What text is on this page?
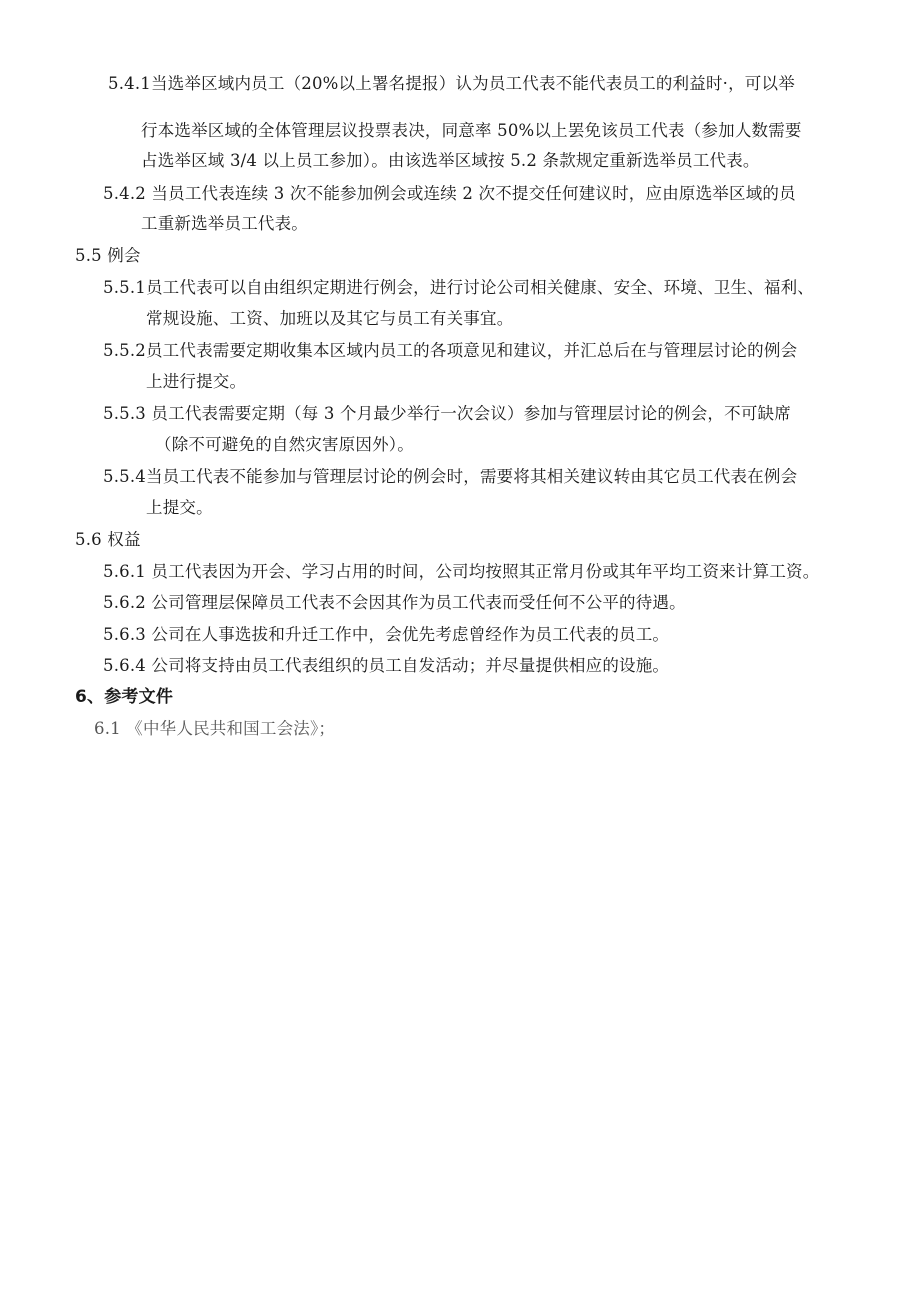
5.4.1当选举区域内员工（20%以上署名提报）认为员工代表不能代表员工的利益时·，可以举
行本选举区域的全体管理层议投票表决，同意率 50%以上罢免该员工代表（参加人数需要
占选举区域 3/4 以上员工参加）。由该选举区域按 5.2 条款规定重新选举员工代表。
5.4.2 当员工代表连续 3 次不能参加例会或连续 2 次不提交任何建议时，应由原选举区域的员
工重新选举员工代表。
5.5 例会
5.5.1员工代表可以自由组织定期进行例会，进行讨论公司相关健康、安全、环境、卫生、福利、
常规设施、工资、加班以及其它与员工有关事宜。
5.5.2员工代表需要定期收集本区域内员工的各项意见和建议，并汇总后在与管理层讨论的例会
上进行提交。
5.5.3 员工代表需要定期（每 3 个月最少举行一次会议）参加与管理层讨论的例会，不可缺席
（除不可避免的自然灾害原因外）。
5.5.4当员工代表不能参加与管理层讨论的例会时，需要将其相关建议转由其它员工代表在例会
上提交。
5.6 权益
5.6.1 员工代表因为开会、学习占用的时间，公司均按照其正常月份或其年平均工资来计算工资。
5.6.2 公司管理层保障员工代表不会因其作为员工代表而受任何不公平的待遇。
5.6.3 公司在人事选拔和升迁工作中，会优先考虑曾经作为员工代表的员工。
5.6.4 公司将支持由员工代表组织的员工自发活动；并尽量提供相应的设施。
6、参考文件
6.1 《中华人民共和国工会法》；
